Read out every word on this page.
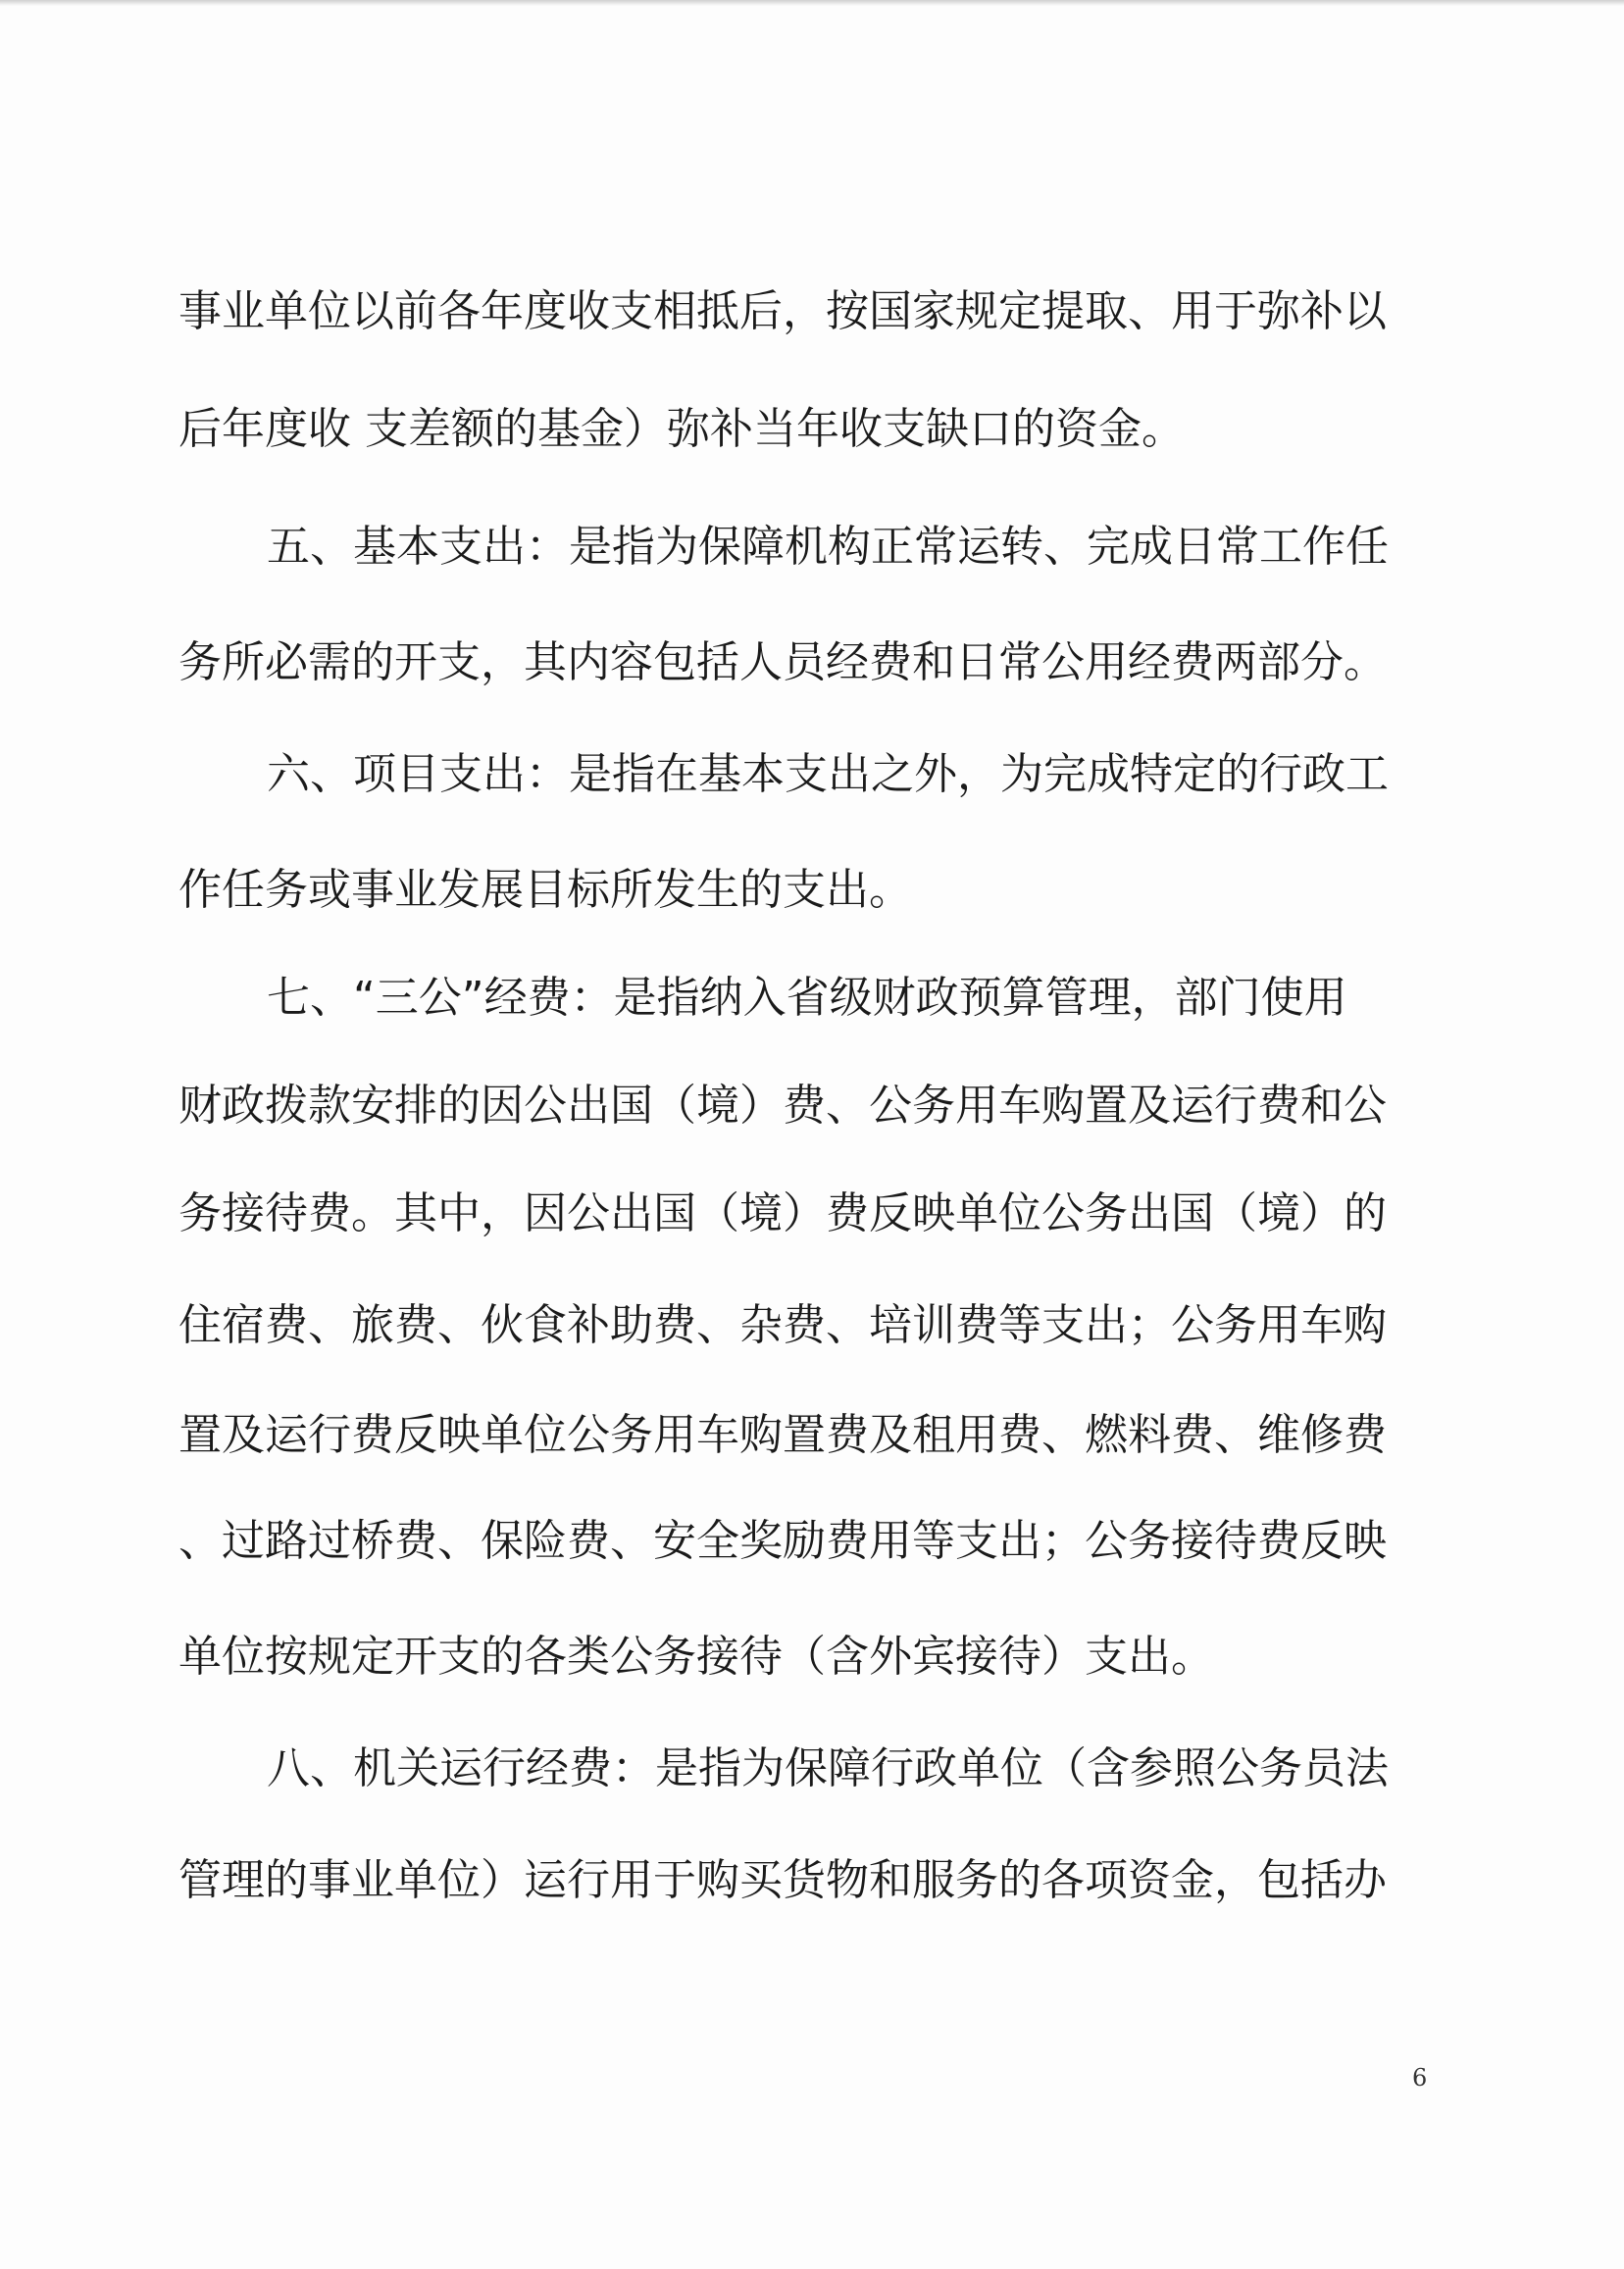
事业单位以前各年度收支相抵后，按国家规定提取、用于弥补以
后年度收 支差额的基金）弥补当年收支缺口的资金。
五、基本支出：是指为保障机构正常运转、完成日常工作任
务所必需的开支，其内容包括人员经费和日常公用经费两部分。
六、项目支出：是指在基本支出之外，为完成特定的行政工
作任务或事业发展目标所发生的支出。
七、“三公”经费：是指纳入省级财政预算管理，部门使用
财政拨款安排的因公出国（境）费、公务用车购置及运行费和公
务接待费。其中，因公出国（境）费反映单位公务出国（境）的
住宿费、旅费、伙食补助费、杂费、培训费等支出；公务用车购
置及运行费反映单位公务用车购置费及租用费、燃料费、维修费
、过路过桥费、保险费、安全奖励费用等支出；公务接待费反映
单位按规定开支的各类公务接待（含外宾接待）支出。
八、机关运行经费：是指为保障行政单位（含参照公务员法
管理的事业单位）运行用于购买货物和服务的各项资金，包括办
6
